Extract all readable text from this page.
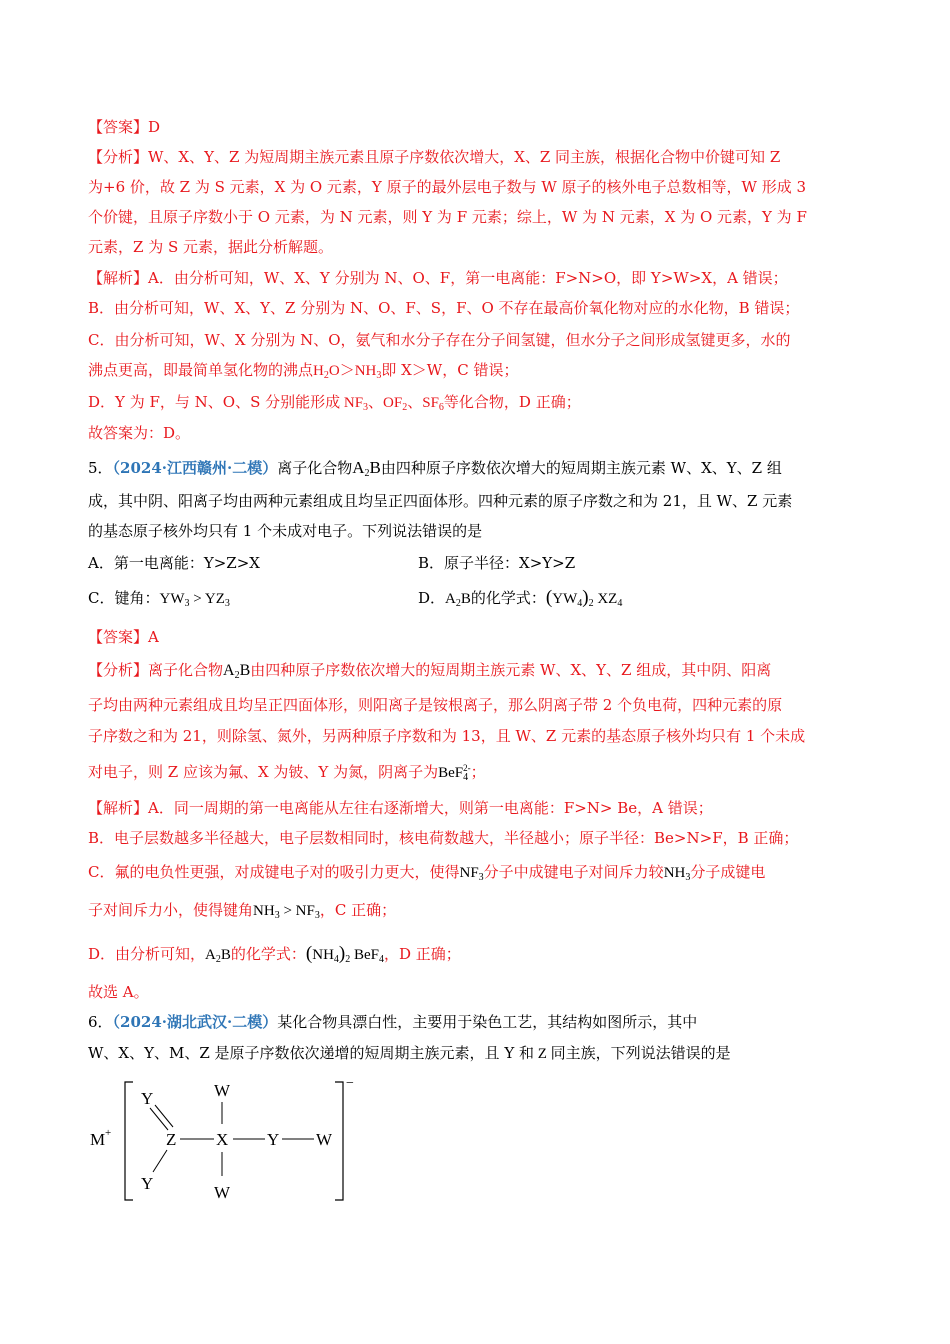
【答案】D
【分析】W、X、Y、Z 为短周期主族元素且原子序数依次增大，X、Z 同主族，根据化合物中价键可知 Z
为+6 价，故 Z 为 S 元素，X 为 O 元素，Y 原子的最外层电子数与 W 原子的核外电子总数相等，W 形成 3
个价键，且原子序数小于 O 元素，为 N 元素，则 Y 为 F 元素；综上，W 为 N 元素，X 为 O 元素，Y 为 F
元素，Z 为 S 元素，据此分析解题。
【解析】A．由分析可知，W、X、Y 分别为 N、O、F，第一电离能：F>N>O，即 Y>W>X，A 错误；
B．由分析可知，W、X、Y、Z 分别为 N、O、F、S，F、O 不存在最高价氧化物对应的水化物，B 错误；
C．由分析可知，W、X 分别为 N、O，氨气和水分子存在分子间氢键，但水分子之间形成氢键更多，水的
沸点更高，即最简单氢化物的沸点$H_2O>NH_3$即 X＞W，C 错误；
D．Y 为 F，与 N、O、S 分别能形成 $NF_3$、$OF_2$、$SF_6$等化合物，D 正确；
故答案为：D。
5．（2024·江西赣州·二模）离子化合物$A_2B$由四种原子序数依次增大的短周期主族元素 W、X、Y、Z 组
成，其中阴、阳离子均由两种元素组成且均呈正四面体形。四种元素的原子序数之和为 21，且 W、Z 元素
的基态原子核外均只有 1 个未成对电子。下列说法错误的是
A．第一电离能：Y>Z>X	B．原子半径：X>Y>Z
C．键角：$YW_3 > YZ_3$	D．$A_2B$的化学式：$(YW_4)_2$ $XZ_4$
【答案】A
【分析】离子化合物$A_2B$由四种原子序数依次增大的短周期主族元素 W、X、Y、Z 组成，其中阴、阳离
子均由两种元素组成且均呈正四面体形，则阳离子是铵根离子，那么阴离子带 2 个负电荷，四种元素的原
子序数之和为 21，则除氢、氮外，另两种原子序数和为 13，且 W、Z 元素的基态原子核外均只有 1 个未成
对电子，则 Z 应该为氟、X 为铍、Y 为氮，阴离子为BeF$_4^{2-}$；
【解析】A．同一周期的第一电离能从左往右逐渐增大，则第一电离能：F>N> Be，A 错误；
B．电子层数越多半径越大，电子层数相同时，核电荷数越大，半径越小；原子半径：Be>N>F，B 正确；
C．氟的电负性更强，对成键电子对的吸引力更大，使得$NF_3$分子中成键电子对间斥力较$NH_3$分子成键电
子对间斥力小，使得键角$NH_3 > NF_3$，C 正确；
D．由分析可知，$A_2B$的化学式：$(NH_4)_2$ BeF$_4$，D 正确；
故选 A。
6．（2024·湖北武汉·二模）某化合物具漂白性，主要用于染色工艺，其结构如图所示，其中
W、X、Y、M、Z 是原子序数依次递增的短周期主族元素，且 Y 和 Z 同主族，下列说法错误的是
M +
−
Y
Z
Y
X
W
W
Y W
